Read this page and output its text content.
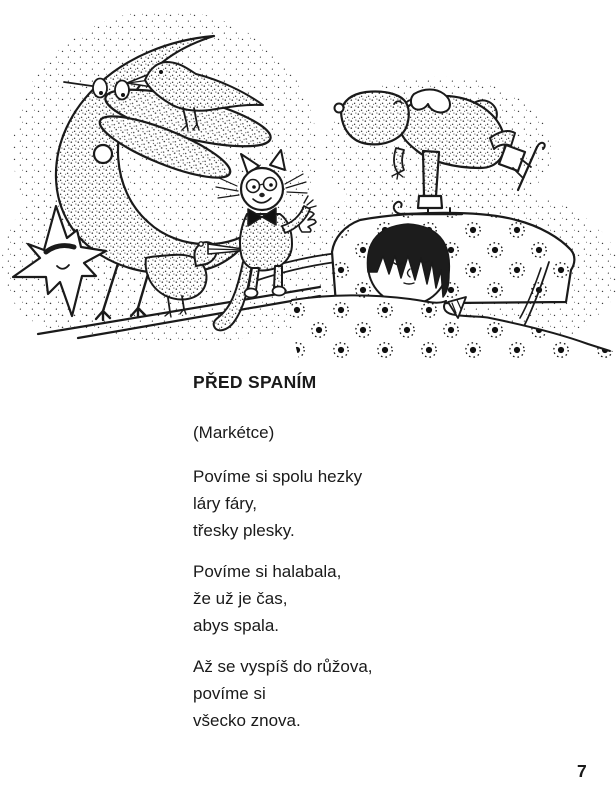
PŘED SPANÍM

(Markétce)

Povíme si spolu hezky

láry fáry,

třesky plesky.

Povíme si halabala,

že už je čas,

abys spala.

Až se vyspíš do růžova,

povíme si

všecko znova.

7
